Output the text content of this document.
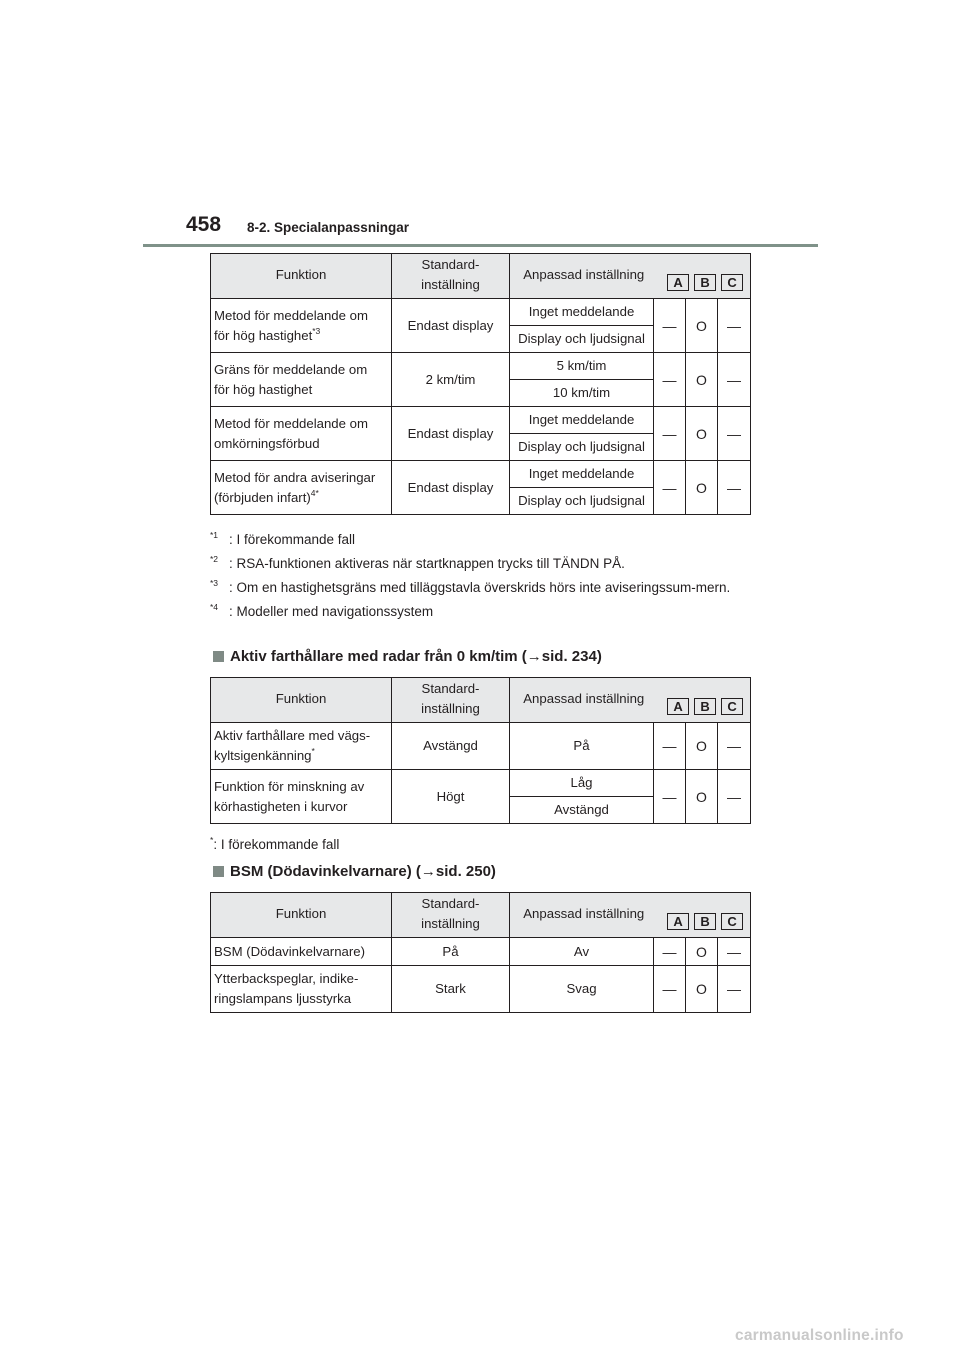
458 8-2. Specialanpassningar
Funktion	Standard-
inställning	Anpassad inställning	A B C		

Metod för meddelande om
för hög hastighet$^{*3}$	Endast display	Inget meddelande	—	O	—
		Display och ljudsignal			
Gräns för meddelande om
för hög hastighet	2 km/tim	5 km/tim	—	O	—
		10 km/tim			
Metod för meddelande om
omkörningsförbud	Endast display	Inget meddelande	—	O	—
		Display och ljudsignal			
Metod för andra aviseringar
(förbjuden infart)$^{4*}$	Endast display	Inget meddelande	—	O	—
		Display och ljudsignal			
$^{*1}$ : I förekommande fall
$^{*2}$ : RSA-funktionen aktiveras när startknappen trycks till TÄNDN PÅ.
$^{*3}$ : Om en hastighetsgräns med tilläggstavla överskrids hörs inte aviseringssum-mern.
$^{*4}$ : Modeller med navigationssystem
Aktiv farthållare med radar från 0 km/tim ( → sid. 234)
Funktion	Standard-
inställning	Anpassad inställning	A B C		

Aktiv farthållare med vägs-
kyltsigenkänning*	Avstängd	På	—	O	—
Funktion för minskning av
körhastigheten i kurvor	Högt	Låg	—	O	—
		Avstängd			
*: I förekommande fall
BSM (Dödavinkelvarnare) ( → sid. 250)
Funktion	Standard-
inställning	Anpassad inställning	A B C		

BSM (Dödavinkelvarnare)	På	Av	—	O	—
Ytterbackspeglar, indike-
ringslampans ljusstyrka	Stark	Svag	—	O	—
carmanualsonline.info
